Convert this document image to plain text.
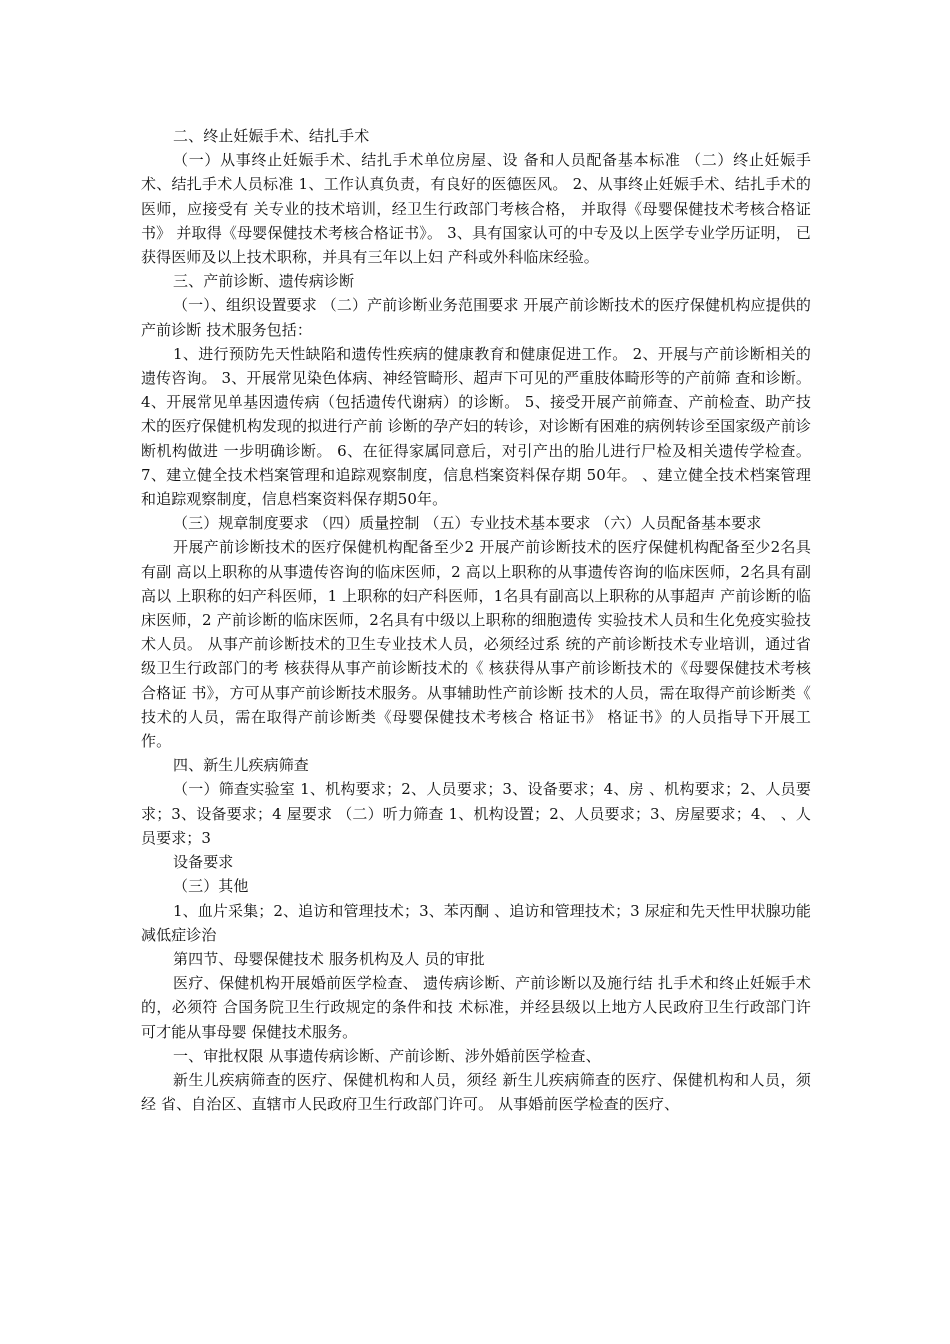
二、终止妊娠手术、结扎手术

（一）从事终止妊娠手术、结扎手术单位房屋、设 备和人员配备基本标准 （二）终止妊娠手术、结扎手术人员标准 1、工作认真负责，有良好的医德医风。 2、从事终止妊娠手术、结扎手术的医师，应接受有 关专业的技术培训，经卫生行政部门考核合格， 并取得《母婴保健技术考核合格证书》 并取得《母婴保健技术考核合格证书》。 3、具有国家认可的中专及以上医学专业学历证明， 已获得医师及以上技术职称，并具有三年以上妇 产科或外科临床经验。

三、产前诊断、遗传病诊断

（一）、组织设置要求 （二）产前诊断业务范围要求 开展产前诊断技术的医疗保健机构应提供的产前诊断 技术服务包括：

1、进行预防先天性缺陷和遗传性疾病的健康教育和健康促进工作。 2、开展与产前诊断相关的遗传咨询。 3、开展常见染色体病、神经管畸形、超声下可见的严重肢体畸形等的产前筛 查和诊断。 4、开展常见单基因遗传病（包括遗传代谢病）的诊断。 5、接受开展产前筛查、产前检查、助产技术的医疗保健机构发现的拟进行产前 诊断的孕产妇的转诊，对诊断有困难的病例转诊至国家级产前诊断机构做进 一步明确诊断。 6、在征得家属同意后，对引产出的胎儿进行尸检及相关遗传学检查。 7、建立健全技术档案管理和追踪观察制度，信息档案资料保存期 50年。 、建立健全技术档案管理和追踪观察制度，信息档案资料保存期50年。

（三）规章制度要求 （四）质量控制 （五）专业技术基本要求 （六）人员配备基本要求

开展产前诊断技术的医疗保健机构配备至少2 开展产前诊断技术的医疗保健机构配备至少2名具有副 高以上职称的从事遗传咨询的临床医师，2 高以上职称的从事遗传咨询的临床医师，2名具有副高以 上职称的妇产科医师，1 上职称的妇产科医师，1名具有副高以上职称的从事超声 产前诊断的临床医师，2 产前诊断的临床医师，2名具有中级以上职称的细胞遗传 实验技术人员和生化免疫实验技术人员。 从事产前诊断技术的卫生专业技术人员，必须经过系 统的产前诊断技术专业培训，通过省级卫生行政部门的考 核获得从事产前诊断技术的《 核获得从事产前诊断技术的《母婴保健技术考核合格证 书》，方可从事产前诊断技术服务。从事辅助性产前诊断 技术的人员，需在取得产前诊断类《 技术的人员，需在取得产前诊断类《母婴保健技术考核合 格证书》 格证书》的人员指导下开展工作。

四、新生儿疾病筛查

（一）筛查实验室 1、机构要求；2、人员要求；3、设备要求；4、房 、机构要求；2、人员要求；3、设备要求；4 屋要求 （二）听力筛查 1、机构设置；2、人员要求；3、房屋要求；4、 、人员要求；3

设备要求

（三）其他

1、血片采集；2、追访和管理技术；3、苯丙酮 、追访和管理技术；3 尿症和先天性甲状腺功能减低症诊治

第四节、母婴保健技术 服务机构及人 员的审批

医疗、保健机构开展婚前医学检查、 遗传病诊断、产前诊断以及施行结 扎手术和终止妊娠手术的，必须符 合国务院卫生行政规定的条件和技 术标准，并经县级以上地方人民政府卫生行政部门许可才能从事母婴 保健技术服务。

一、审批权限 从事遗传病诊断、产前诊断、涉外婚前医学检查、

新生儿疾病筛查的医疗、保健机构和人员，须经 新生儿疾病筛查的医疗、保健机构和人员，须经 省、自治区、直辖市人民政府卫生行政部门许可。 从事婚前医学检查的医疗、
